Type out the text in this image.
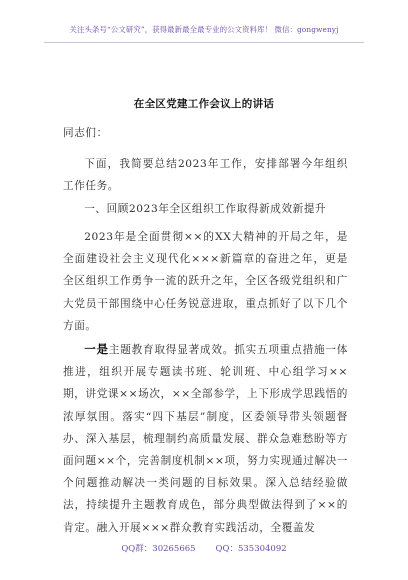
关注头条号“公文研究”，获得最新最全最专业的公文资料库！ 微信：gongwenyj
在全区党建工作会议上的讲话
同志们：
下面，我简要总结2023年工作，安排部署今年组织工作任务。
一、回顾2023年全区组织工作取得新成效新提升
2023年是全面贯彻××的XX大精神的开局之年，是全面建设社会主义现代化×××新篇章的奋进之年，更是全区组织工作勇争一流的跃升之年，全区各级党组织和广大党员干部围绕中心任务锐意进取，重点抓好了以下几个方面。
一是主题教育取得显著成效。抓实五项重点措施一体推进，组织开展专题读书班、轮训班、中心组学习××期，讲党课××场次，××全部参学，上下形成学思践悟的浓厚氛围。落实“四下基层”制度，区委领导带头领题督办、深入基层，梳理制约高质量发展、群众急难愁盼等方面问题××个，完善制度机制××项，努力实现通过解决一个问题推动解决一类问题的目标效果。深入总结经验做法，持续提升主题教育成色，部分典型做法得到了××的肯定。融入开展×××群众教育实践活动，全覆盖发
QQ群：30265665 QQ：535304092
